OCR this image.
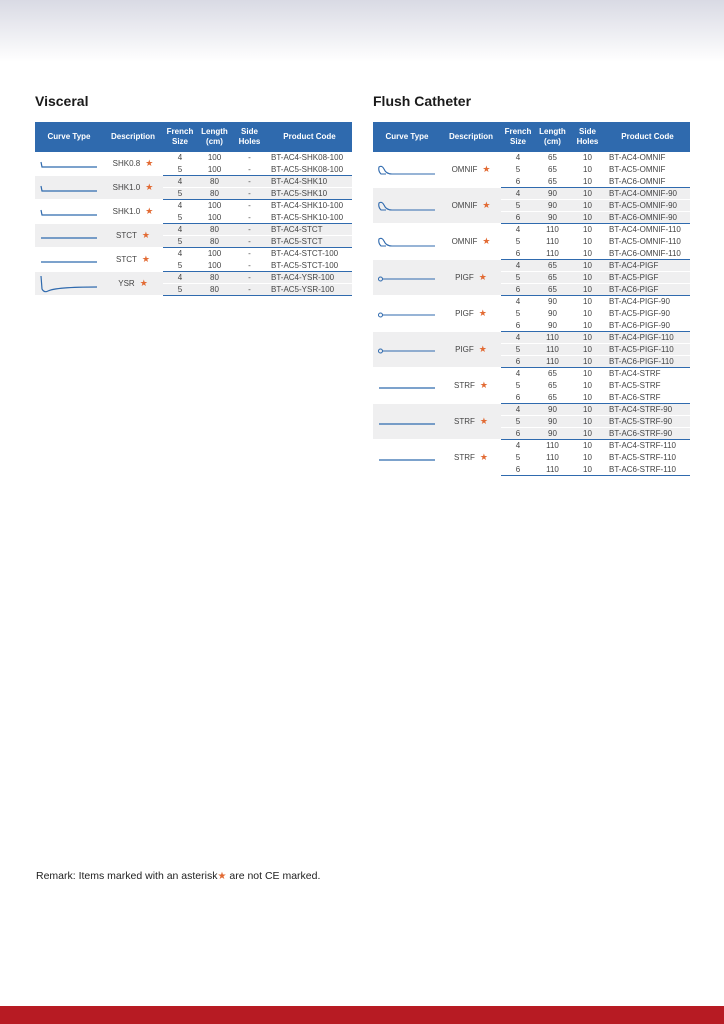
Visceral	Flush Catheter
Curve Type	Description	French Size	Length (cm)	Side Holes	Product Code

SHK0.8 ★	4	100	-	BT-AC4-SHK08-100
		5	100	-	BT-AC5-SHK08-100

SHK1.0 ★	4	80	-	BT-AC4-SHK10
		5	80	-	BT-AC5-SHK10

SHK1.0 ★	4	100	-	BT-AC4-SHK10-100
		5	100	-	BT-AC5-SHK10-100

STCT ★	4	80	-	BT-AC4-STCT
		5	80	-	BT-AC5-STCT

STCT ★	4	100	-	BT-AC4-STCT-100
		5	100	-	BT-AC5-STCT-100

YSR ★	4	80	-	BT-AC4-YSR-100
		5	80	-	BT-AC5-YSR-100
Curve Type	Description	French Size	Length (cm)	Side Holes	Product Code

OMNIF ★	4	65	10	BT-AC4-OMNIF
		5	65	10	BT-AC5-OMNIF
		6	65	10	BT-AC6-OMNIF

OMNIF ★	4	90	10	BT-AC4-OMNIF-90
		5	90	10	BT-AC5-OMNIF-90
		6	90	10	BT-AC6-OMNIF-90

OMNIF ★	4	110	10	BT-AC4-OMNIF-110
		5	110	10	BT-AC5-OMNIF-110
		6	110	10	BT-AC6-OMNIF-110

PIGF ★	4	65	10	BT-AC4-PIGF
		5	65	10	BT-AC5-PIGF
		6	65	10	BT-AC6-PIGF

PIGF ★	4	90	10	BT-AC4-PIGF-90
		5	90	10	BT-AC5-PIGF-90
		6	90	10	BT-AC6-PIGF-90

PIGF ★	4	110	10	BT-AC4-PIGF-110
		5	110	10	BT-AC5-PIGF-110
		6	110	10	BT-AC6-PIGF-110

STRF ★	4	65	10	BT-AC4-STRF
		5	65	10	BT-AC5-STRF
		6	65	10	BT-AC6-STRF

STRF ★	4	90	10	BT-AC4-STRF-90
		5	90	10	BT-AC5-STRF-90
		6	90	10	BT-AC6-STRF-90

STRF ★	4	110	10	BT-AC4-STRF-110
		5	110	10	BT-AC5-STRF-110
		6	110	10	BT-AC6-STRF-110
Remark: Items marked with an asterisk★ are not CE marked.
